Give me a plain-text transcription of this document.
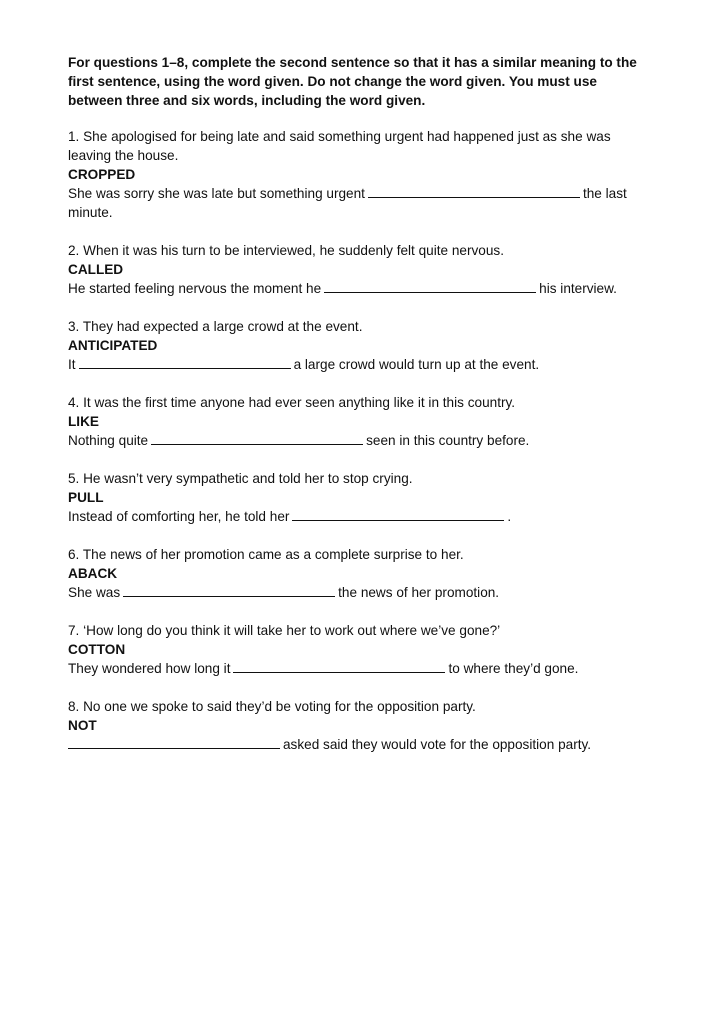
For questions 1–8, complete the second sentence so that it has a similar meaning to the first sentence, using the word given. Do not change the word given. You must use between three and six words, including the word given.

1. She apologised for being late and said something urgent had happened just as she was leaving the house.

CROPPED

She was sorry she was late but something urgent	the last minute.

2. When it was his turn to be interviewed, he suddenly felt quite nervous.

CALLED

He started feeling nervous the moment he	his interview.

3. They had expected a large crowd at the event.

ANTICIPATED

It	a large crowd would turn up at the event.

4. It was the first time anyone had ever seen anything like it in this country.

LIKE

Nothing quite	seen in this country before.

5. He wasn’t very sympathetic and told her to stop crying.

PULL

Instead of comforting her, he told her	.

6. The news of her promotion came as a complete surprise to her.

ABACK

She was	the news of her promotion.

7. ‘How long do you think it will take her to work out where we’ve gone?’

COTTON

They wondered how long it	to where they’d gone.

8. No one we spoke to said they’d be voting for the opposition party.

NOT

asked said they would vote for the opposition party.
